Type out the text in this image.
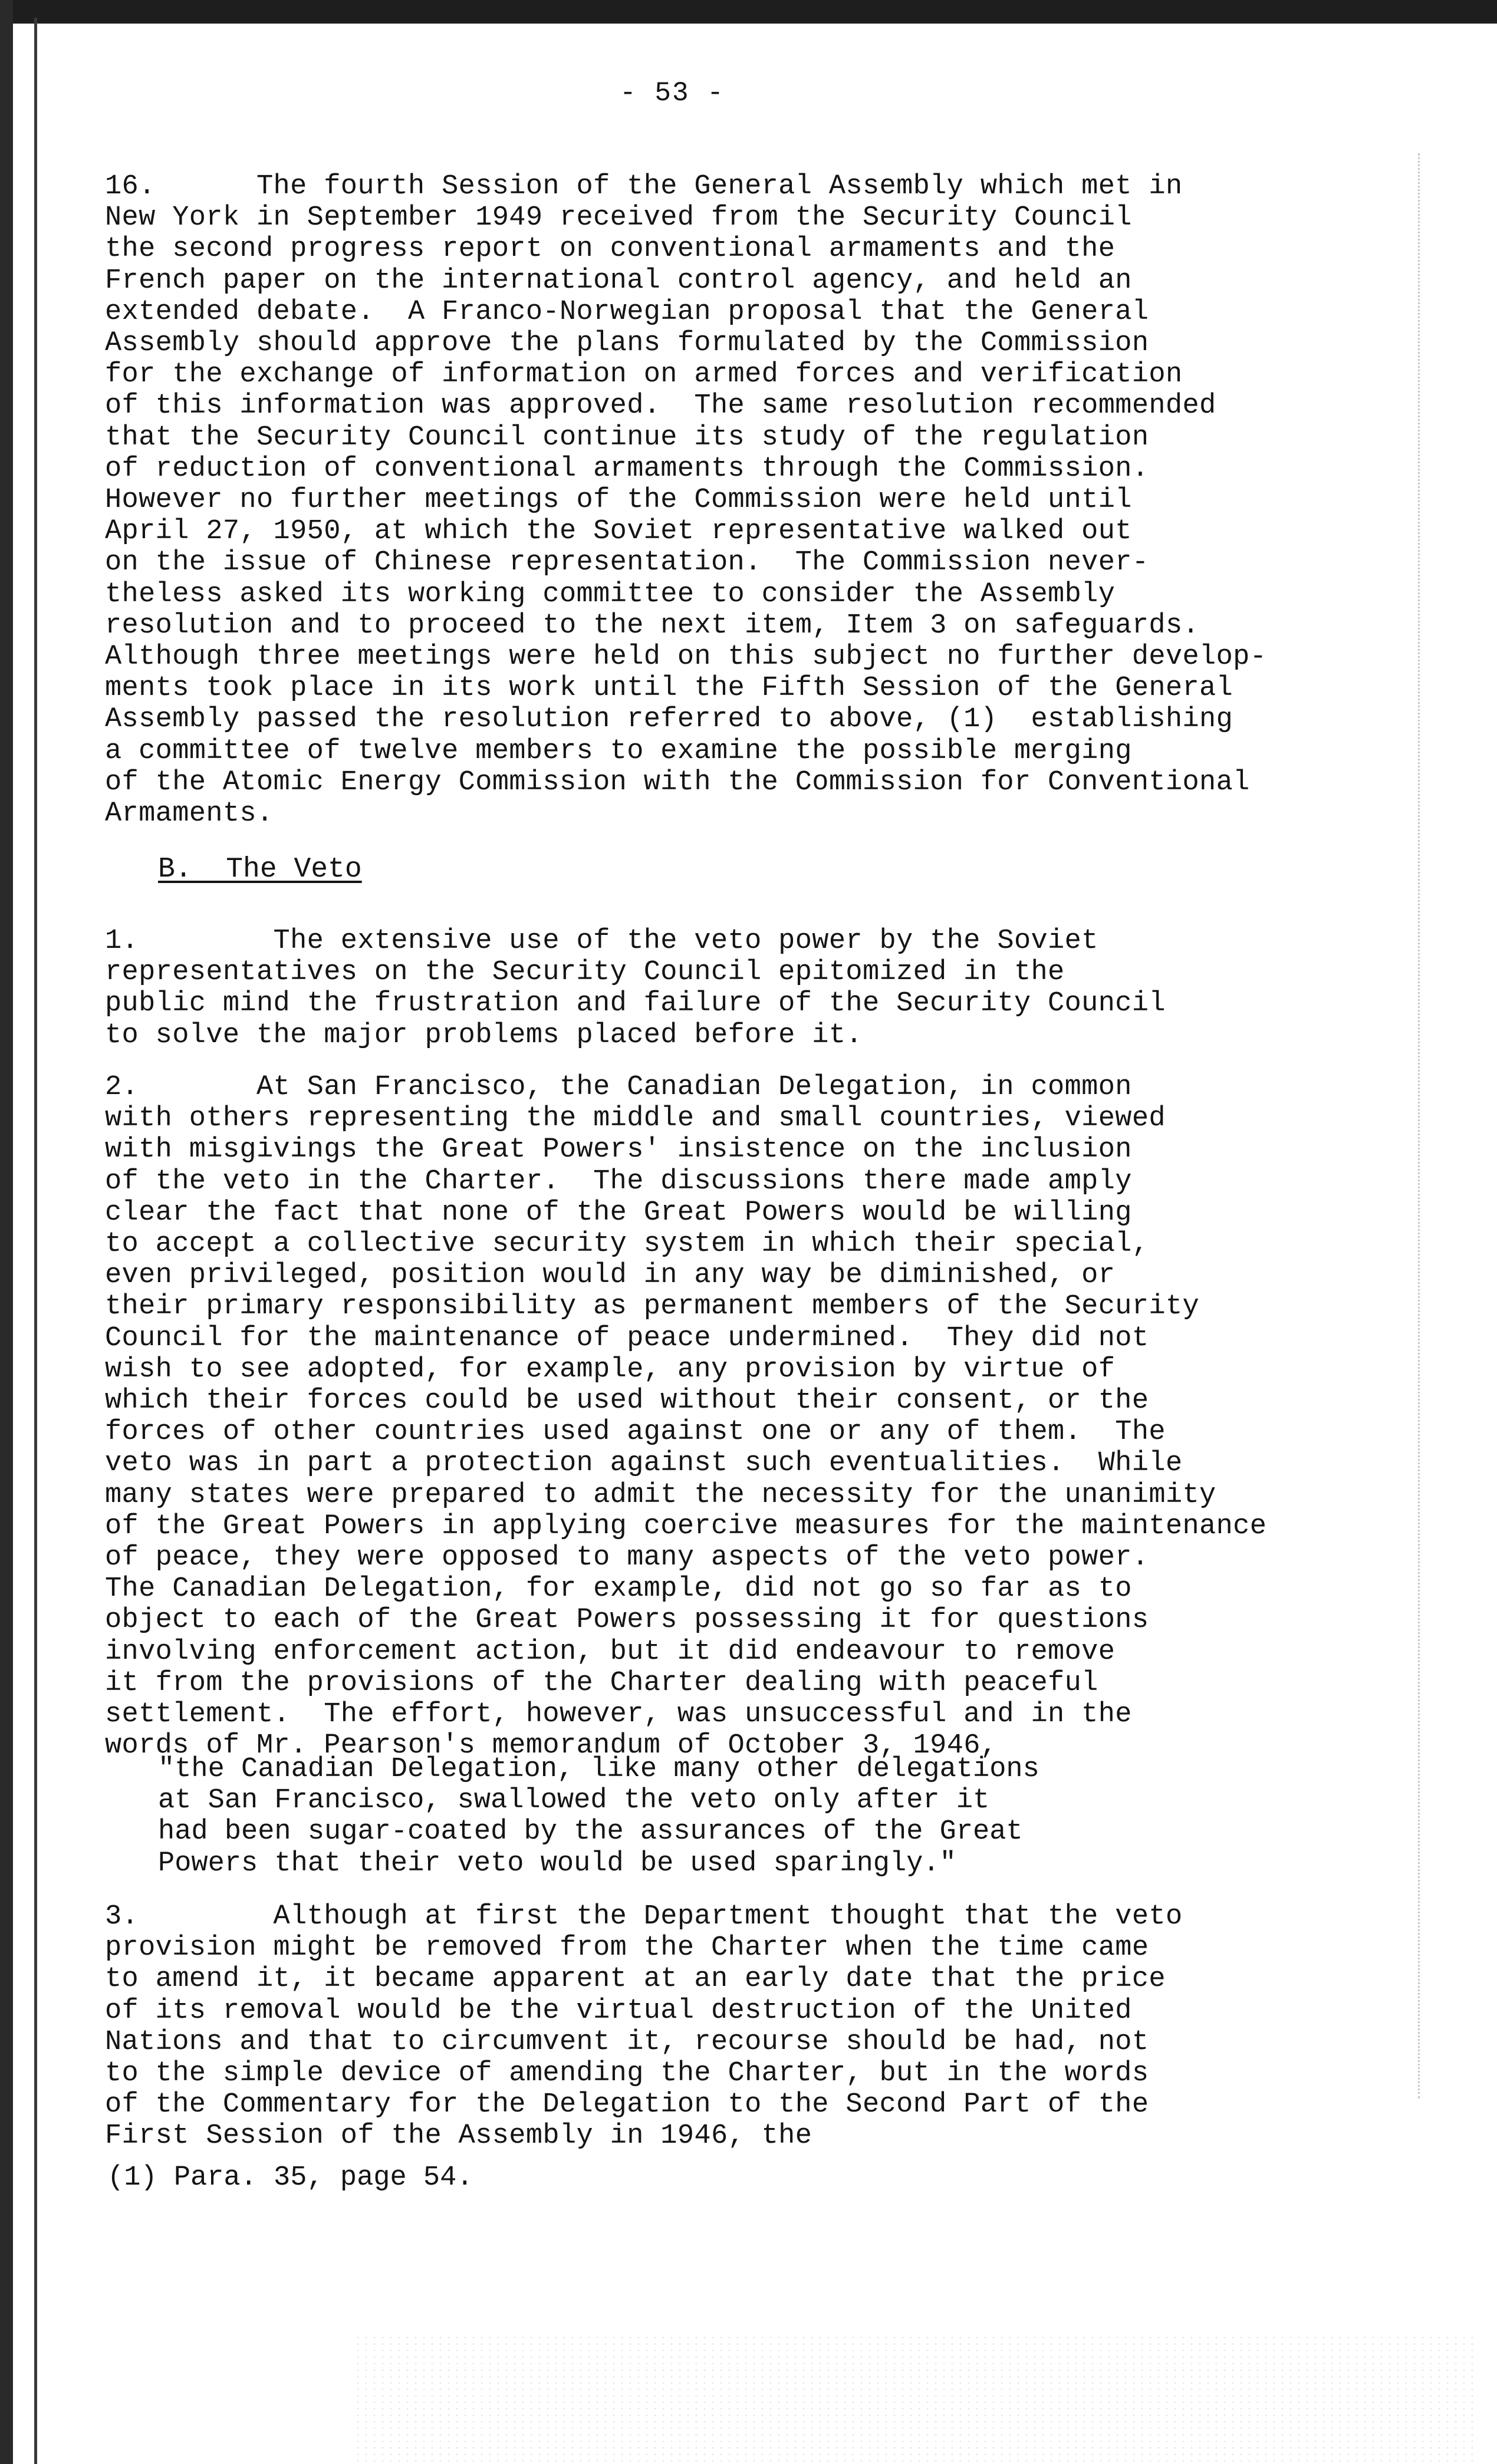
- 53 -
16.      The fourth Session of the General Assembly which met in
New York in September 1949 received from the Security Council
the second progress report on conventional armaments and the
French paper on the international control agency, and held an
extended debate.  A Franco-Norwegian proposal that the General
Assembly should approve the plans formulated by the Commission
for the exchange of information on armed forces and verification
of this information was approved.  The same resolution recommended
that the Security Council continue its study of the regulation
of reduction of conventional armaments through the Commission.
However no further meetings of the Commission were held until
April 27, 1950, at which the Soviet representative walked out
on the issue of Chinese representation.  The Commission never-
theless asked its working committee to consider the Assembly
resolution and to proceed to the next item, Item 3 on safeguards.
Although three meetings were held on this subject no further develop-
ments took place in its work until the Fifth Session of the General
Assembly passed the resolution referred to above, (1)  establishing
a committee of twelve members to examine the possible merging
of the Atomic Energy Commission with the Commission for Conventional
Armaments.
B.  The Veto
1.        The extensive use of the veto power by the Soviet
representatives on the Security Council epitomized in the
public mind the frustration and failure of the Security Council
to solve the major problems placed before it.
2.       At San Francisco, the Canadian Delegation, in common
with others representing the middle and small countries, viewed
with misgivings the Great Powers' insistence on the inclusion
of the veto in the Charter.  The discussions there made amply
clear the fact that none of the Great Powers would be willing
to accept a collective security system in which their special,
even privileged, position would in any way be diminished, or
their primary responsibility as permanent members of the Security
Council for the maintenance of peace undermined.  They did not
wish to see adopted, for example, any provision by virtue of
which their forces could be used without their consent, or the
forces of other countries used against one or any of them.  The
veto was in part a protection against such eventualities.  While
many states were prepared to admit the necessity for the unanimity
of the Great Powers in applying coercive measures for the maintenance
of peace, they were opposed to many aspects of the veto power.
The Canadian Delegation, for example, did not go so far as to
object to each of the Great Powers possessing it for questions
involving enforcement action, but it did endeavour to remove
it from the provisions of the Charter dealing with peaceful
settlement.  The effort, however, was unsuccessful and in the
words of Mr. Pearson's memorandum of October 3, 1946,
"the Canadian Delegation, like many other delegations
at San Francisco, swallowed the veto only after it
had been sugar-coated by the assurances of the Great
Powers that their veto would be used sparingly."
3.        Although at first the Department thought that the veto
provision might be removed from the Charter when the time came
to amend it, it became apparent at an early date that the price
of its removal would be the virtual destruction of the United
Nations and that to circumvent it, recourse should be had, not
to the simple device of amending the Charter, but in the words
of the Commentary for the Delegation to the Second Part of the
First Session of the Assembly in 1946, the
(1) Para. 35, page 54.
